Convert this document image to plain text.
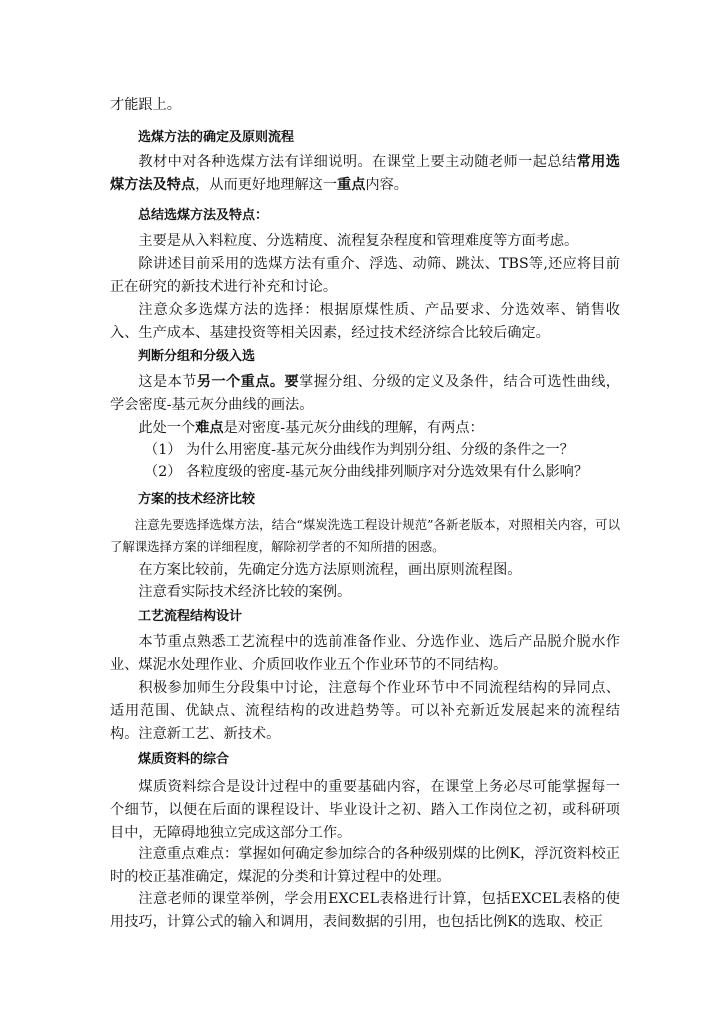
才能跟上。

选煤方法的确定及原则流程

教材中对各种选煤方法有详细说明。在课堂上要主动随老师一起总结常用选煤方法及特点，从而更好地理解这一重点内容。

总结选煤方法及特点：

主要是从入料粒度、分选精度、流程复杂程度和管理难度等方面考虑。

除讲述目前采用的选煤方法有重介、浮选、动筛、跳汰、TBS等,还应将目前正在研究的新技术进行补充和讨论。

注意众多选煤方法的选择：根据原煤性质、产品要求、分选效率、销售收入、生产成本、基建投资等相关因素，经过技术经济综合比较后确定。

判断分组和分级入选

这是本节另一个重点。要掌握分组、分级的定义及条件，结合可选性曲线，学会密度-基元灰分曲线的画法。

此处一个难点是对密度-基元灰分曲线的理解，有两点：

（1） 为什么用密度-基元灰分曲线作为判别分组、分级的条件之一？
（2） 各粒度级的密度-基元灰分曲线排列顺序对分选效果有什么影响？

方案的技术经济比较

注意先要选择选煤方法，结合“煤炭洗选工程设计规范”各新老版本，对照相关内容，可以了解课选择方案的详细程度，解除初学者的不知所措的困惑。

在方案比较前，先确定分选方法原则流程，画出原则流程图。

注意看实际技术经济比较的案例。

工艺流程结构设计

本节重点熟悉工艺流程中的选前准备作业、分选作业、选后产品脱介脱水作业、煤泥水处理作业、介质回收作业五个作业环节的不同结构。

积极参加师生分段集中讨论，注意每个作业环节中不同流程结构的异同点、适用范围、优缺点、流程结构的改进趋势等。可以补充新近发展起来的流程结构。 注意新工艺、新技术。

煤质资料的综合

煤质资料综合是设计过程中的重要基础内容，在课堂上务必尽可能掌握每一个细节，以便在后面的课程设计、毕业设计之初、踏入工作岗位之初，或科研项目中，无障碍地独立完成这部分工作。

注意重点难点：掌握如何确定参加综合的各种级别煤的比例K，浮沉资料校正时的校正基准确定，煤泥的分类和计算过程中的处理。

注意老师的课堂举例，学会用EXCEL表格进行计算，包括EXCEL表格的使用技巧，计算公式的输入和调用，表间数据的引用，也包括比例K的选取、校正
